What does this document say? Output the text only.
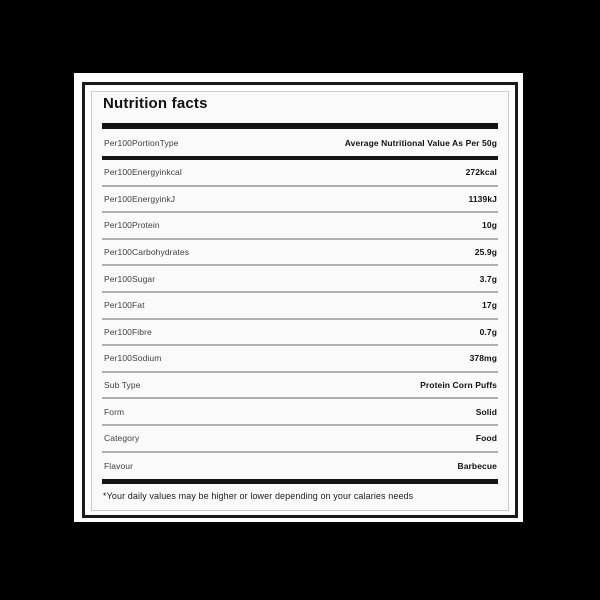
Nutrition facts
Per100PortionType	Average Nutritional Value As Per 50g
Per100Energyinkcal	272kcal
Per100EnergyinkJ	1139kJ
Per100Protein	10g
Per100Carbohydrates	25.9g
Per100Sugar	3.7g
Per100Fat	17g
Per100Fibre	0.7g
Per100Sodium	378mg
Sub Type	Protein Corn Puffs
Form	Solid
Category	Food
Flavour	Barbecue

*Your daily values may be higher or lower depending on your calaries needs
